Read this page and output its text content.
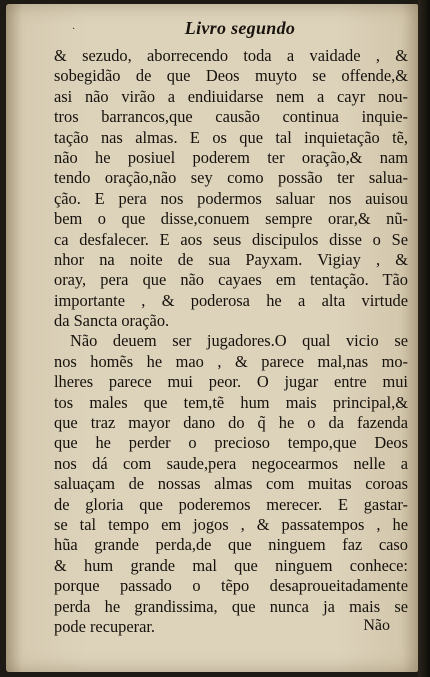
·	Livro segundo
& sezudo, aborrecendo toda a vaidade , &
sobegidão de que Deos muyto se offende,&
asi não virão a endiuidarse nem a cayr nou-
tros barrancos,que causão continua inquie-
tação nas almas. E os que tal inquietação tẽ,
não he posiuel poderem ter oração,& nam
tendo oração,não sey como possão ter salua-
ção. E pera nos podermos saluar nos auisou
bem o que disse,conuem sempre orar,& nũ-
ca desfalecer. E aos seus discipulos disse o Se
nhor na noite de sua Payxam. Vigiay , &
oray, pera que não cayaes em tentação. Tão
importante , & poderosa he a alta virtude
da Sancta oração.
Não deuem ser jugadores.O qual vicio se
nos homẽs he mao , & parece mal,nas mo-
lheres parece mui peor. O jugar entre mui
tos males que tem,tẽ hum mais principal,&
que traz mayor dano do q̃ he o da fazenda
que he perder o precioso tempo,que Deos
nos dá com saude,pera negocearmos nelle a
saluaçam de nossas almas com muitas coroas
de gloria que poderemos merecer. E gastar-
se tal tempo em jogos , & passatempos , he
hũa grande perda,de que ninguem faz caso
& hum grande mal que ninguem conhece:
porque passado o tẽpo desaproueitadamente
perda he grandissima, que nunca ja mais se
pode recuperar.	Não
